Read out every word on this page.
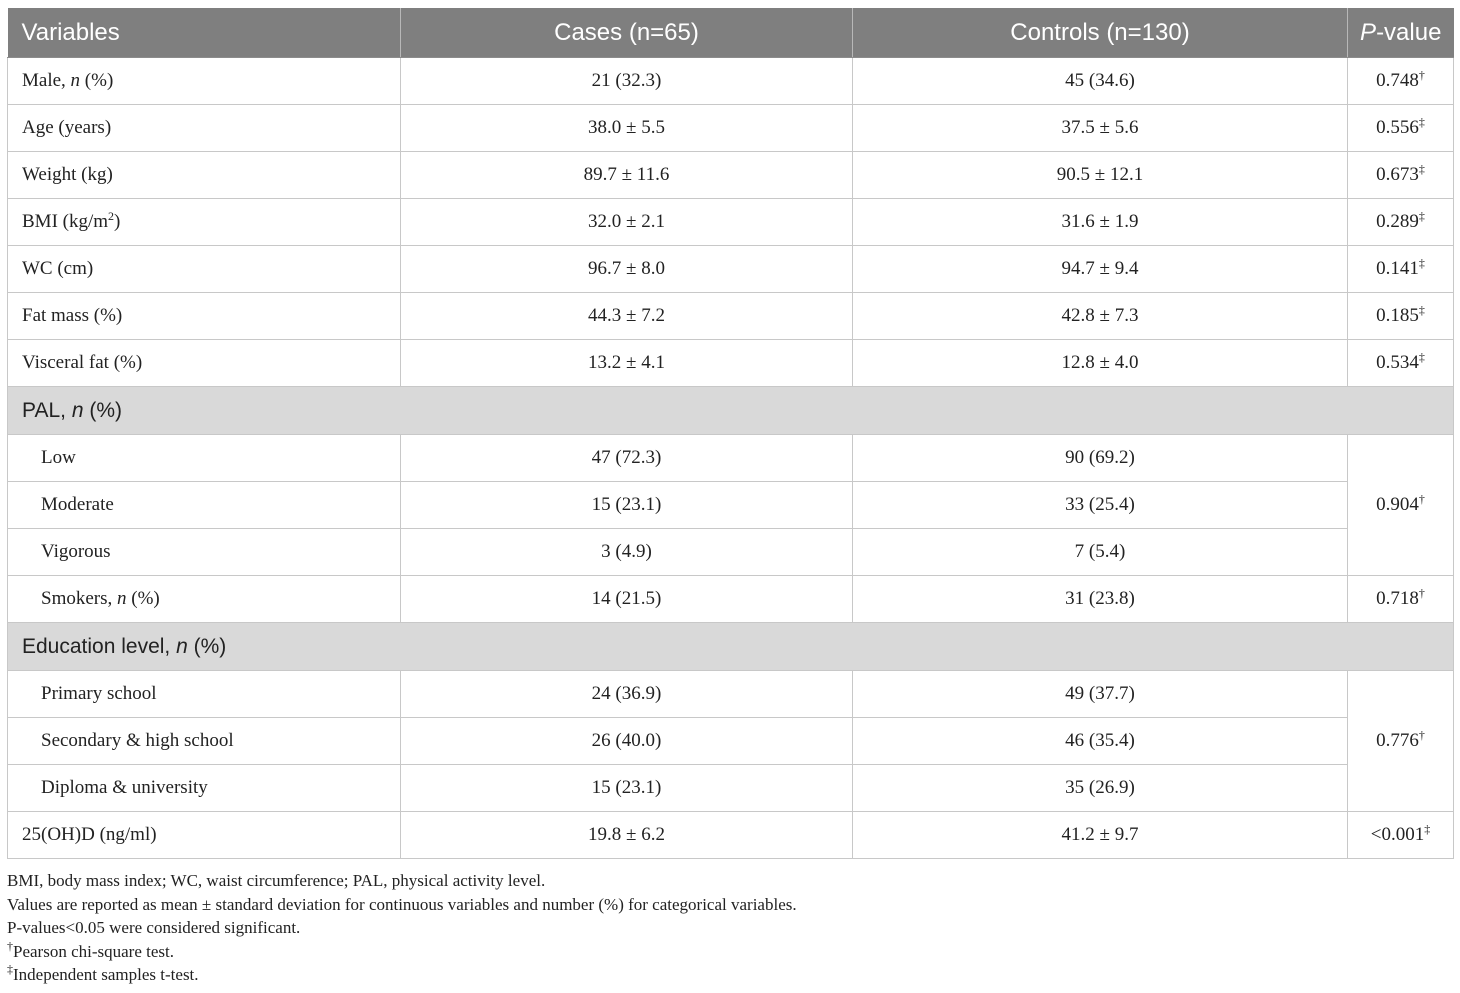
Variables	Cases (n=65)	Controls (n=130)	P-value
Male, n (%)	21 (32.3)	45 (34.6)	0.748†
Age (years)	38.0 ± 5.5	37.5 ± 5.6	0.556‡
Weight (kg)	89.7 ± 11.6	90.5 ± 12.1	0.673‡
BMI $(kg/m^2)$	32.0 ± 2.1	31.6 ± 1.9	0.289‡
WC (cm)	96.7 ± 8.0	94.7 ± 9.4	0.141‡
Fat mass (%)	44.3 ± 7.2	42.8 ± 7.3	0.185‡
Visceral fat (%)	13.2 ± 4.1	12.8 ± 4.0	0.534‡
PAL, n (%)			
Low	47 (72.3)	90 (69.2)	0.904†
Moderate	15 (23.1)	33 (25.4)	
Vigorous	3 (4.9)	7 (5.4)	
Smokers, n (%)	14 (21.5)	31 (23.8)	0.718†
Education level, n (%)			
Primary school	24 (36.9)	49 (37.7)	0.776†
Secondary & high school	26 (40.0)	46 (35.4)	
Diploma & university	15 (23.1)	35 (26.9)	
25(OH)D (ng/ml)	19.8 ± 6.2	41.2 ± 9.7	<0.001‡
BMI, body mass index; WC, waist circumference; PAL, physical activity level.
Values are reported as mean ± standard deviation for continuous variables and number (%) for categorical variables.
P-values<0.05 were considered significant.
†Pearson chi-square test.
‡Independent samples t-test.
